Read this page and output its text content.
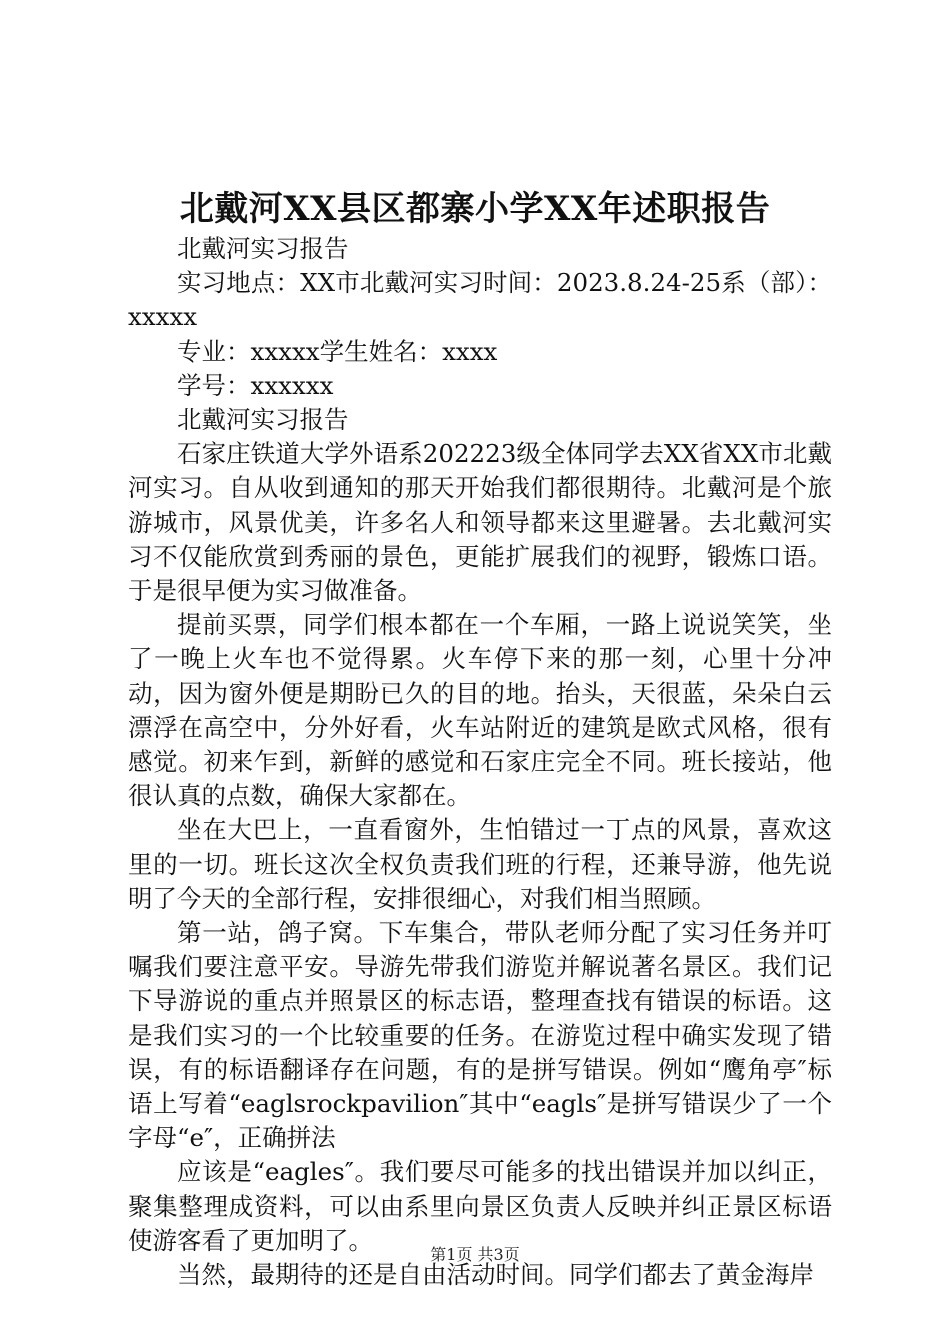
北戴河XX县区都寨小学XX年述职报告

北戴河实习报告

实习地点：XX市北戴河实习时间：2023.8.24-25系（部）：xxxxx

专业：xxxxx学生姓名：xxxx

学号：xxxxxx

北戴河实习报告

石家庄铁道大学外语系202223级全体同学去XX省XX市北戴河实习。自从收到通知的那天开始我们都很期待。北戴河是个旅游城市，风景优美，许多名人和领导都来这里避暑。去北戴河实习不仅能欣赏到秀丽的景色，更能扩展我们的视野，锻炼口语。于是很早便为实习做准备。

提前买票，同学们根本都在一个车厢，一路上说说笑笑，坐了一晚上火车也不觉得累。火车停下来的那一刻，心里十分冲动，因为窗外便是期盼已久的目的地。抬头，天很蓝，朵朵白云漂浮在高空中，分外好看，火车站附近的建筑是欧式风格，很有感觉。初来乍到，新鲜的感觉和石家庄完全不同。班长接站，他很认真的点数，确保大家都在。

坐在大巴上，一直看窗外，生怕错过一丁点的风景，喜欢这里的一切。班长这次全权负责我们班的行程，还兼导游，他先说明了今天的全部行程，安排很细心，对我们相当照顾。

第一站，鸽子窝。下车集合，带队老师分配了实习任务并叮嘱我们要注意平安。导游先带我们游览并解说著名景区。我们记下导游说的重点并照景区的标志语，整理查找有错误的标语。这是我们实习的一个比较重要的任务。在游览过程中确实发现了错误，有的标语翻译存在问题，有的是拼写错误。例如“鹰角亭″标语上写着“eaglsrockpavilion″其中“eagls″是拼写错误少了一个字母“e″，正确拼法

应该是“eagles″。我们要尽可能多的找出错误并加以纠正，聚集整理成资料，可以由系里向景区负责人反映并纠正景区标语使游客看了更加明了。

当然，最期待的还是自由活动时间。同学们都去了黄金海岸

第1页 共3页
